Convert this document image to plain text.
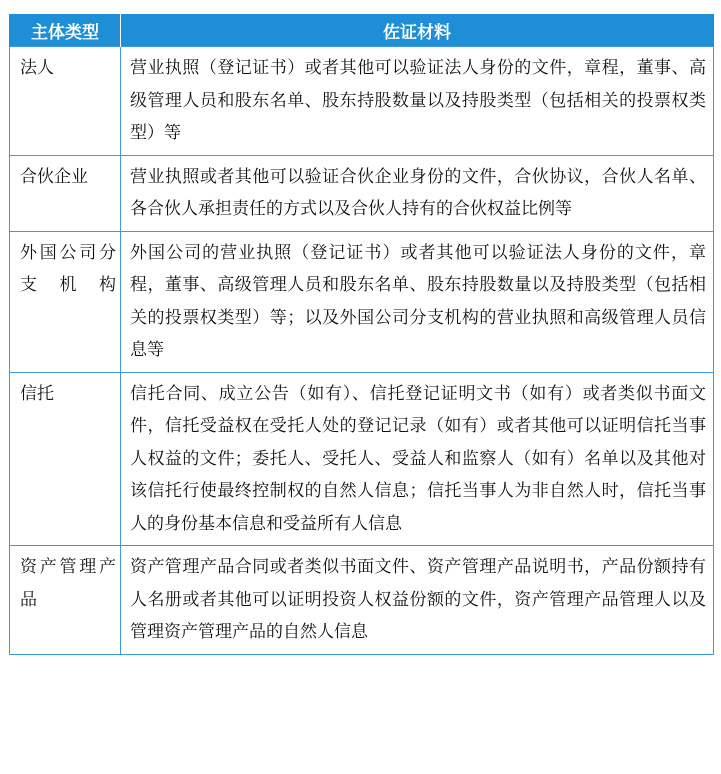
主体类型	佐证材料
法人	营业执照（登记证书）或者其他可以验证法人身份的文件，章程，董事、高级管理人员和股东名单、股东持股数量以及持股类型（包括相关的投票权类型）等
合伙企业	营业执照或者其他可以验证合伙企业身份的文件，合伙协议，合伙人名单、各合伙人承担责任的方式以及合伙人持有的合伙权益比例等
外国公司分支机构	外国公司的营业执照（登记证书）或者其他可以验证法人身份的文件，章程，董事、高级管理人员和股东名单、股东持股数量以及持股类型（包括相关的投票权类型）等；以及外国公司分支机构的营业执照和高级管理人员信息等
信托	信托合同、成立公告（如有）、信托登记证明文书（如有）或者类似书面文件，信托受益权在受托人处的登记记录（如有）或者其他可以证明信托当事人权益的文件；委托人、受托人、受益人和监察人（如有）名单以及其他对该信托行使最终控制权的自然人信息；信托当事人为非自然人时，信托当事人的身份基本信息和受益所有人信息
资产管理产品	资产管理产品合同或者类似书面文件、资产管理产品说明书，产品份额持有人名册或者其他可以证明投资人权益份额的文件，资产管理产品管理人以及管理资产管理产品的自然人信息
